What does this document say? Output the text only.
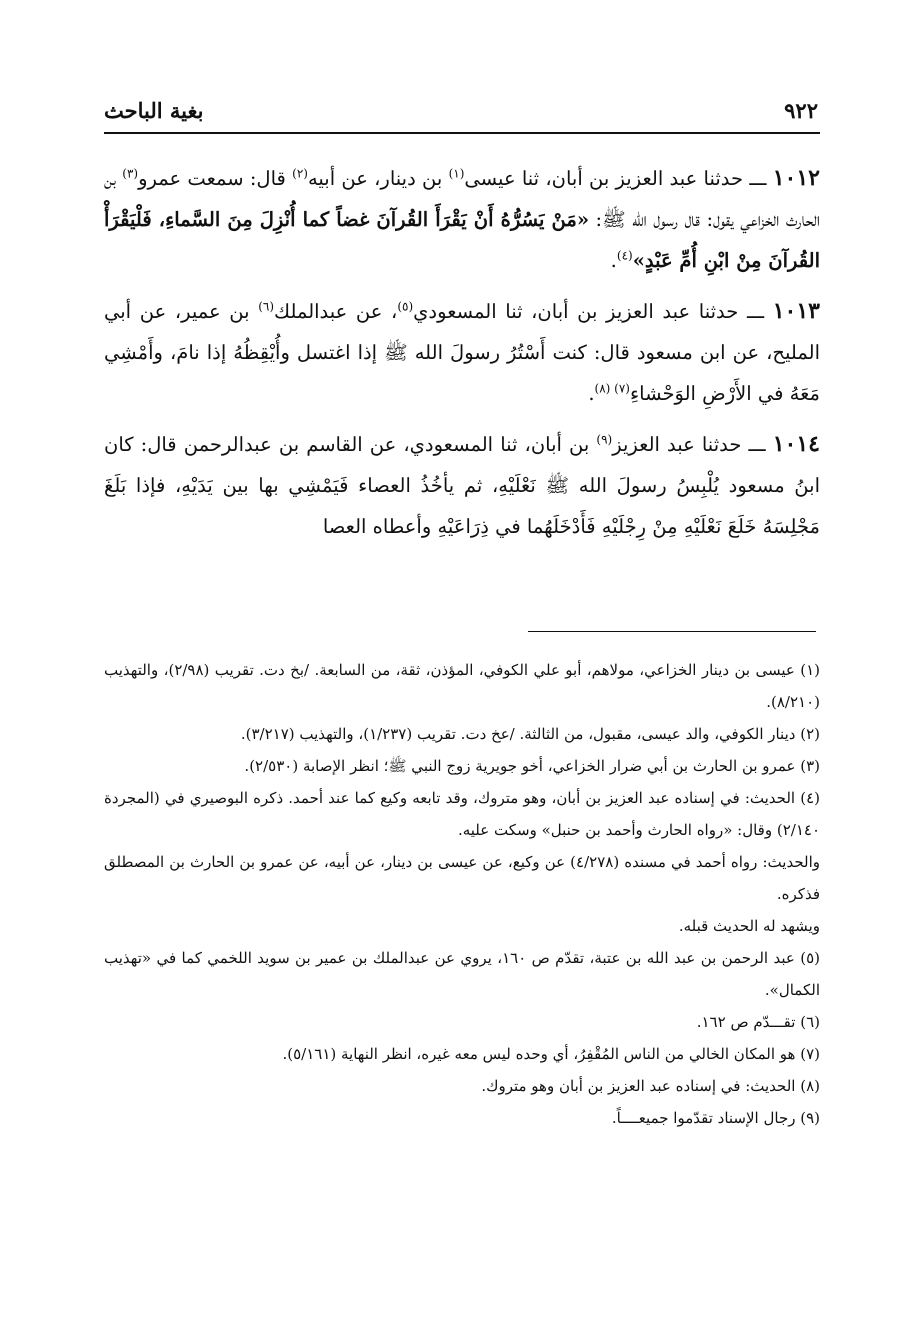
٩٢٢
بغية الباحث

١٠١٢ ـــ حدثنا عبد العزيز بن أبان، ثنا عيسى$^{(١)}$ بن دينار، عن أبيه$^{(٢)}$ قال: سمعت عمرو$^{(٣)}$ بن الحارث الخزاعي يقول: قال رسول الله ﷺ: «مَنْ يَسُرُّهُ أَنْ يَقْرَأَ القُرآنَ غضاً كما أُنْزِلَ مِنَ السَّماءِ، فَلْيَقْرَأْ القُرآنَ مِنْ ابْنِ أُمِّ عَبْدٍ»$^{(٤)}$.

١٠١٣ ـــ حدثنا عبد العزيز بن أبان، ثنا المسعودي$^{(٥)}$، عن عبدالملك$^{(٦)}$ بن عمير، عن أبي المليح، عن ابن مسعود قال: كنت أَسْتُرُ رسولَ الله ﷺ إذا اغتسل وأُيْقِظُهُ إذا نامَ، وأَمْشِي مَعَهُ في الأَرْضِ الوَحْشاءِ$^{(٧)}$ $^{(٨)}$.

١٠١٤ ـــ حدثنا عبد العزيز$^{(٩)}$ بن أبان، ثنا المسعودي، عن القاسم بن عبدالرحمن قال: كان ابنُ مسعود يُلْبِسُ رسولَ الله ﷺ نَعْلَيْهِ، ثم يأخُذُ العصاء فَيَمْشِي بها بين يَدَيْهِ، فإذا بَلَغَ مَجْلِسَهُ خَلَعَ نَعْلَيْهِ مِنْ رِجْلَيْهِ فَأَدْخَلَهُما في ذِرَاعَيْهِ وأعطاه العصا

(١) عيسى بن دينار الخزاعي، مولاهم، أبو علي الكوفي، المؤذن، ثقة، من السابعة. /بخ دت. تقريب (٢/٩٨)، والتهذيب (٨/٢١٠).

(٢) دينار الكوفي، والد عيسى، مقبول، من الثالثة. /عخ دت. تقريب (١/٢٣٧)، والتهذيب (٣/٢١٧).

(٣) عمرو بن الحارث بن أبي ضرار الخزاعي، أخو جويرية زوج النبي ﷺ؛ انظر الإصابة (٢/٥٣٠).

(٤) الحديث: في إسناده عبد العزيز بن أبان، وهو متروك، وقد تابعه وكيع كما عند أحمد. ذكره البوصيري في (المجردة ٢/١٤٠) وقال: «رواه الحارث وأحمد بن حنبل» وسكت عليه.

والحديث: رواه أحمد في مسنده (٤/٢٧٨) عن وكيع، عن عيسى بن دينار، عن أبيه، عن عمرو بن الحارث بن المصطلق فذكره.

ويشهد له الحديث قبله.

(٥) عبد الرحمن بن عبد الله بن عتبة، تقدّم ص ١٦٠، يروي عن عبدالملك بن عمير بن سويد اللخمي كما في «تهذيب الكمال».

(٦) تقـــدّم ص ١٦٢.

(٧) هو المكان الخالي من الناس المُقْفِرُ، أي وحده ليس معه غيره، انظر النهاية (٥/١٦١).

(٨) الحديث: في إسناده عبد العزيز بن أبان وهو متروك.

(٩) رجال الإسناد تقدّموا جميعــــاً.
